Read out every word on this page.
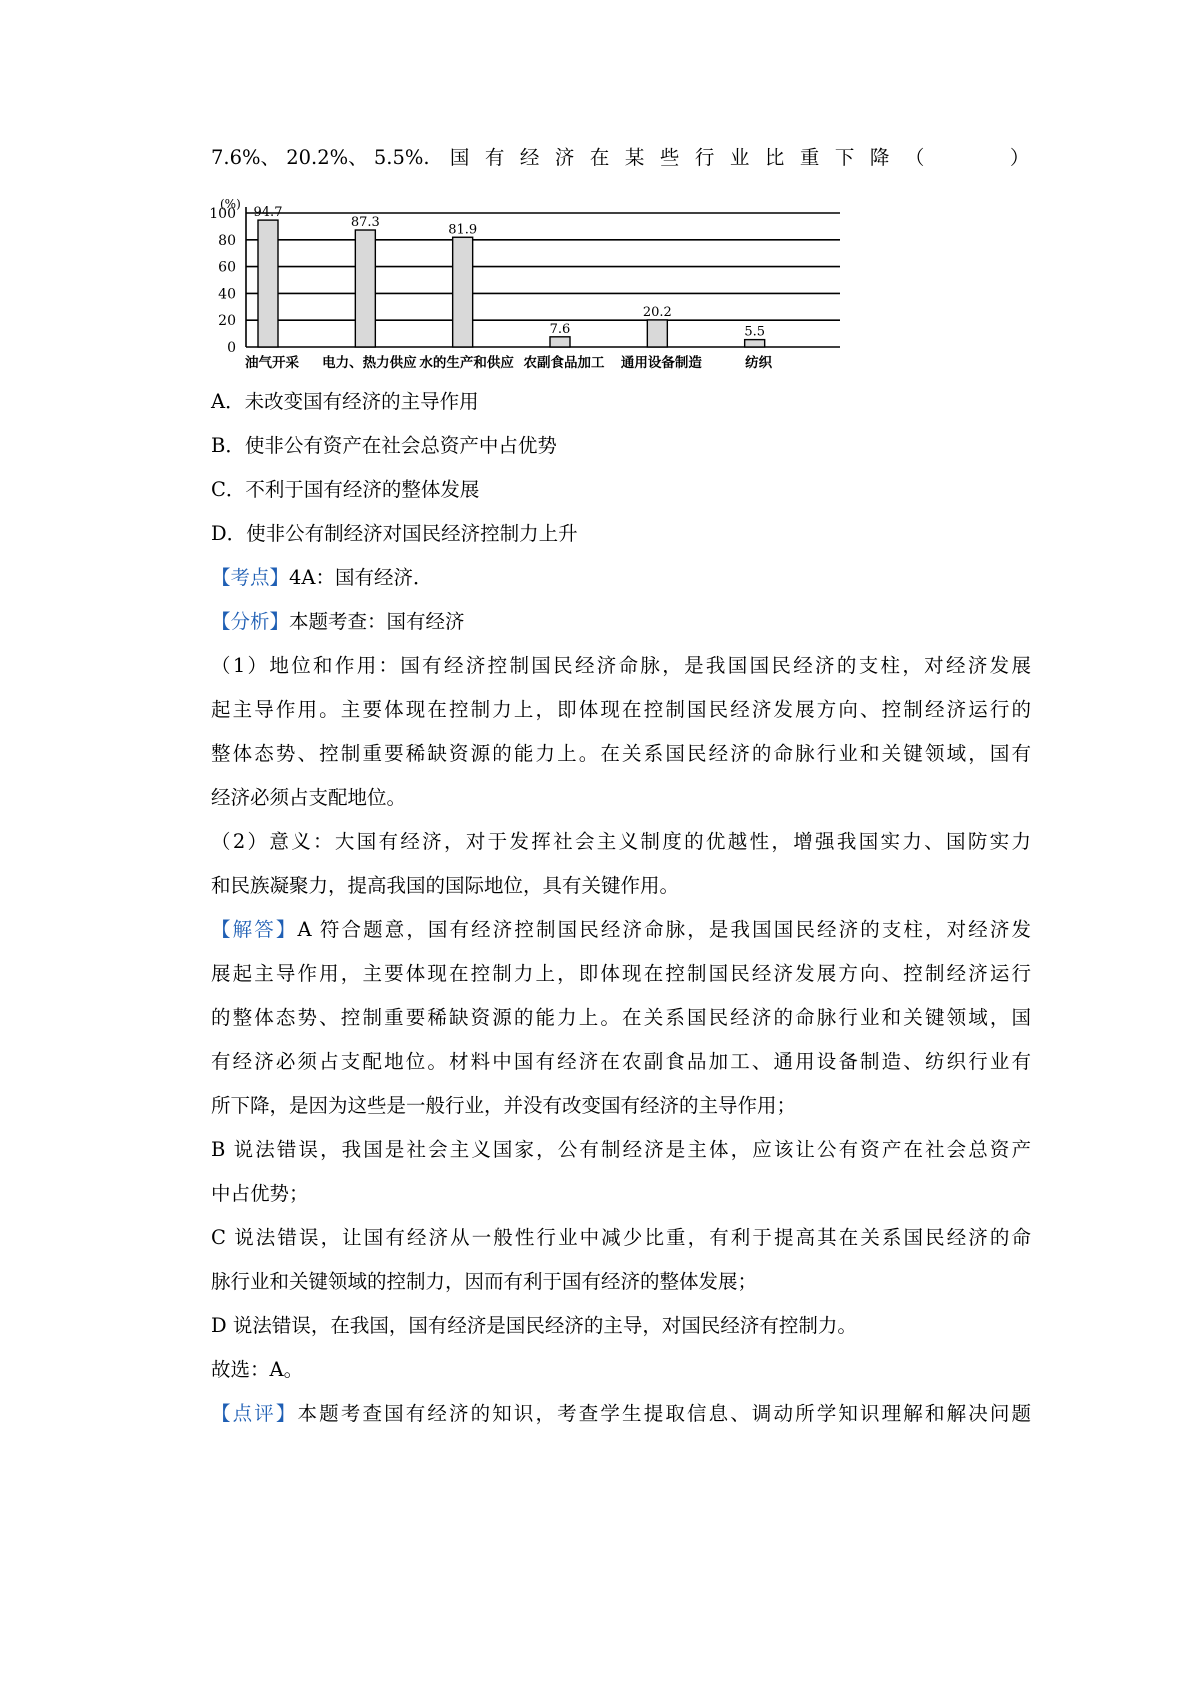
7.6%、 20.2%、 5.5%. 国有经济在某些行业比重下降（　　）
(%)
0
20
40
60
80
100 94.7
油气开采
87.3
电力、热力供应
81.9
水的生产和供应
7.6
农副食品加工
20.2
通用设备制造
5.5
纺织
A．未改变国有经济的主导作用
B．使非公有资产在社会总资产中占优势
C．不利于国有经济的整体发展
D．使非公有制经济对国民经济控制力上升
【考点】4A：国有经济．
【分析】本题考查：国有经济
（1）地位和作用：国有经济控制国民经济命脉，是我国国民经济的支柱，对经济发展
起主导作用。主要体现在控制力上，即体现在控制国民经济发展方向、控制经济运行的
整体态势、控制重要稀缺资源的能力上。在关系国民经济的命脉行业和关键领域，国有
经济必须占支配地位。
（2）意义：大国有经济，对于发挥社会主义制度的优越性，增强我国实力、国防实力
和民族凝聚力，提高我国的国际地位，具有关键作用。
【解答】A 符合题意，国有经济控制国民经济命脉，是我国国民经济的支柱，对经济发
展起主导作用，主要体现在控制力上，即体现在控制国民经济发展方向、控制经济运行
的整体态势、控制重要稀缺资源的能力上。在关系国民经济的命脉行业和关键领域，国
有经济必须占支配地位。材料中国有经济在农副食品加工、通用设备制造、纺织行业有
所下降，是因为这些是一般行业，并没有改变国有经济的主导作用；
B 说法错误，我国是社会主义国家，公有制经济是主体，应该让公有资产在社会总资产
中占优势；
C 说法错误，让国有经济从一般性行业中减少比重，有利于提高其在关系国民经济的命
脉行业和关键领域的控制力，因而有利于国有经济的整体发展；
D 说法错误，在我国，国有经济是国民经济的主导，对国民经济有控制力。
故选：A。
【点评】本题考查国有经济的知识，考查学生提取信息、调动所学知识理解和解决问题
